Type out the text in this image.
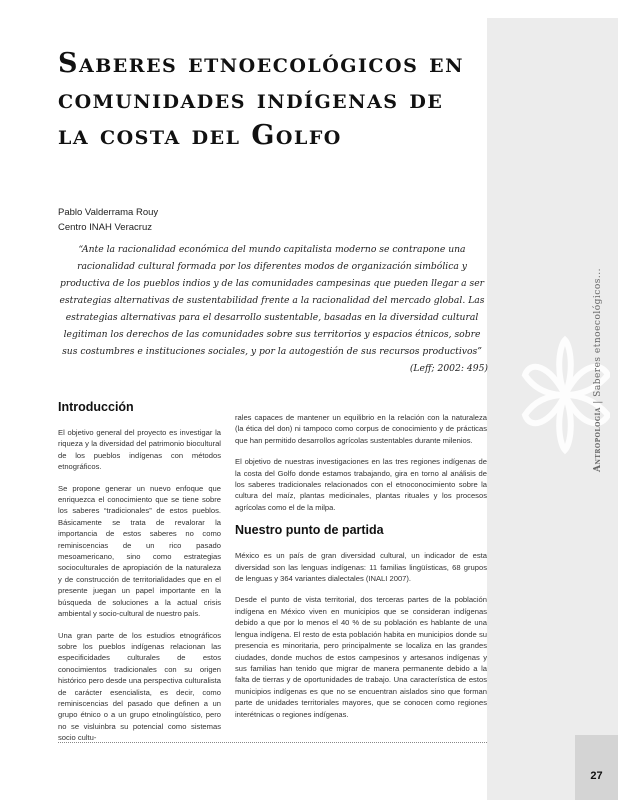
Antropología | Saberes etnoecológicos...
27
Saberes etnoecológicos en comunidades indígenas de la costa del Golfo
Pablo Valderrama Rouy
Centro INAH Veracruz

“Ante la racionalidad económica del mundo capitalista moderno se contrapone una racionalidad cultural formada por los diferentes modos de organización simbólica y productiva de los pueblos indios y de las comunidades campesinas que pueden llegar a ser estrategias alternativas de sustentabilidad frente a la racionalidad del mercado global. Las estrategias alternativas para el desarrollo sustentable, basadas en la diversidad cultural legitiman los derechos de las comunidades sobre sus territorios y espacios étnicos, sobre sus costumbres e instituciones sociales, y por la autogestión de sus recursos productivos”
(Leff; 2002: 495)

Introducción

El objetivo general del proyecto es investigar la riqueza y la diversidad del patrimonio biocultural de los pueblos indígenas con métodos etnográficos.

Se propone generar un nuevo enfoque que enriquezca el conocimiento que se tiene sobre los saberes “tradicionales” de estos pueblos. Básicamente se trata de revalorar la importancia de estos saberes no como reminiscencias de un rico pasado mesoamericano, sino como estrategias socioculturales de apropiación de la naturaleza y de construcción de territorialidades que en el presente juegan un papel importante en la búsqueda de soluciones a la actual crisis ambiental y socio-cultural de nuestro país.

Una gran parte de los estudios etnográficos sobre los pueblos indígenas relacionan las especificidades culturales de estos conocimientos tradicionales con su origen histórico pero desde una perspectiva culturalista de carácter esencialista, es decir, como reminiscencias del pasado que definen a un grupo étnico o a un grupo etnolingüístico, pero no se visluinbra su potencial como sistemas socio cultu-

rales capaces de mantener un equilibrio en la relación con la naturaleza (la ética del don) ni tampoco como corpus de conocimiento y de prácticas que han permitido desarrollos agrícolas sustentables durante milenios.

El objetivo de nuestras investigaciones en las tres regiones indígenas de la costa del Golfo donde estamos trabajando, gira en torno al análisis de los saberes tradicionales relacionados con el etnoconocimiento sobre la cultura del maíz, plantas medicinales, plantas rituales y los procesos agrícolas como el de la milpa.

Nuestro punto de partida

México es un país de gran diversidad cultural, un indicador de esta diversidad son las lenguas indígenas: 11 familias lingüísticas, 68 grupos de lenguas y 364 variantes dialectales (INALI 2007).

Desde el punto de vista territorial, dos terceras partes de la población indígena en México viven en municipios que se consideran indígenas debido a que por lo menos el 40 % de su población es hablante de una lengua indígena. El resto de esta población habita en municipios donde su presencia es minoritaria, pero principalmente se localiza en las grandes ciudades, donde muchos de estos campesinos y artesanos indígenas y sus familias han tenido que migrar de manera permanente debido a la falta de tierras y de oportunidades de trabajo. Una característica de estos municipios indígenas es que no se encuentran aislados sino que forman parte de unidades territoriales mayores, que se conocen como regiones interétnicas o regiones indígenas.
